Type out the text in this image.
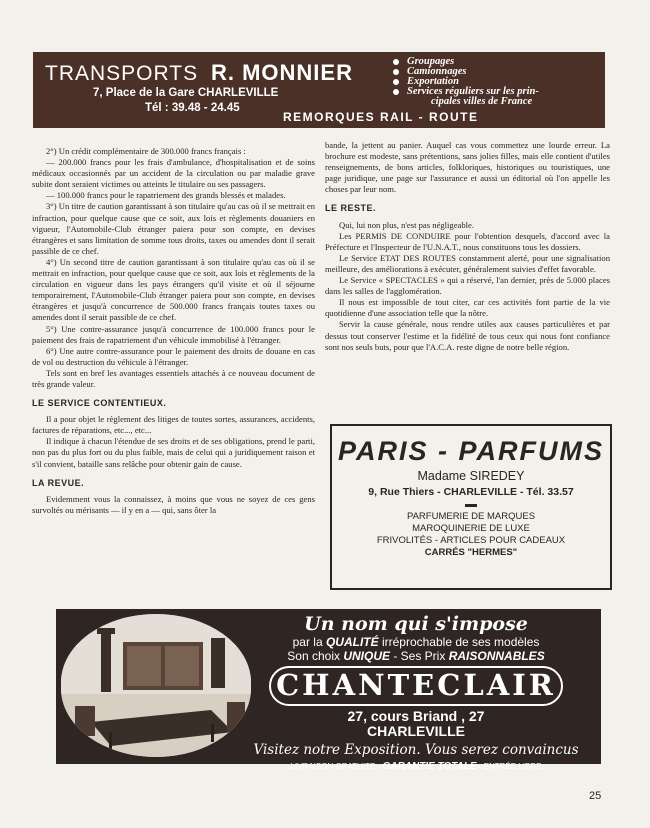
TRANSPORTS R. MONNIER
7, Place de la Gare CHARLEVILLE
Tél : 39.48 - 24.45
Groupages
Camionnages
Exportation
Services réguliers sur les prin-
cipales villes de France
REMORQUES RAIL - ROUTE

2°) Un crédit complémentaire de 300.000 francs français :

— 200.000 francs pour les frais d'ambulance, d'hospitalisation et de soins médicaux occasionnés par un accident de la circulation ou par maladie grave subite dont seraient victimes ou atteints le titulaire ou ses passagers.

— 100.000 francs pour le rapatriement des grands blessés et malades.

3°) Un titre de caution garantissant à son titulaire qu'au cas où il se mettrait en infraction, pour quelque cause que ce soit, aux lois et règlements douaniers en vigueur, l'Automobile-Club étranger paiera pour son compte, en devises étrangères et sans limitation de somme tous droits, taxes ou amendes dont il serait passible de ce chef.

4°) Un second titre de caution garantissant à son titulaire qu'au cas où il se mettrait en infraction, pour quelque cause que ce soit, aux lois et règlements de la circulation en vigueur dans les pays étrangers qu'il visite et où il séjourne temporairement, l'Automobile-Club étranger paiera pour son compte, en devises étrangères et jusqu'à concurrence de 500.000 francs français toutes taxes ou amendes dont il serait passible de ce chef.

5°) Une contre-assurance jusqu'à concurrence de 100.000 francs pour le paiement des frais de rapatriement d'un véhicule immobilisé à l'étranger.

6°) Une autre contre-assurance pour le paiement des droits de douane en cas de vol ou destruction du véhicule à l'étranger.

Tels sont en bref les avantages essentiels attachés à ce nouveau document de très grande valeur.

LE SERVICE CONTENTIEUX.

Il a pour objet le règlement des litiges de toutes sortes, assurances, accidents, factures de réparations, etc..., etc...

Il indique à chacun l'étendue de ses droits et de ses obligations, prend le parti, non pas du plus fort ou du plus faible, mais de celui qui a juridiquement raison et s'il convient, bataille sans relâche pour obtenir gain de cause.

LA REVUE.

Evidemment vous la connaissez, à moins que vous ne soyez de ces gens survoltés ou mérisants — il y en a — qui, sans ôter la

bande, la jettent au panier. Auquel cas vous commettez une lourde erreur. La brochure est modeste, sans prétentions, sans jolies filles, mais elle contient d'utiles renseignements, de bons articles, folkloriques, historiques ou touristiques, une page juridique, une page sur l'assurance et aussi un éditorial où l'on appelle les choses par leur nom.

LE RESTE.

Qui, lui non plus, n'est pas négligeable.

Les PERMIS DE CONDUIRE pour l'obtention desquels, d'accord avec la Préfecture et l'Inspecteur de l'U.N.A.T., nous constituons tous les dossiers.

Le Service ETAT DES ROUTES constamment alerté, pour une signalisation meilleure, des améliorations à exécuter, généralement suivies d'effet favorable.

Le Service « SPECTACLES » qui a réservé, l'an dernier, près de 5.000 places dans les salles de l'agglomération.

Il nous est impossible de tout citer, car ces activités font partie de la vie quotidienne d'une association telle que la nôtre.

Servir la cause générale, nous rendre utiles aux causes particulières et par dessus tout conserver l'estime et la fidélité de tous ceux qui nous font confiance sont nos seuls buts, pour que l'A.C.A. reste digne de notre belle région.

PARIS - PARFUMS
Madame SIREDEY
9, Rue Thiers - CHARLEVILLE - Tél. 33.57
PARFUMERIE DE MARQUES
MAROQUINERIE DE LUXE
FRIVOLITÉS - ARTICLES POUR CADEAUX
CARRÉS "HERMES"
Un nom qui s'impose
par la QUALITÉ irréprochable de ses modèles
Son choix UNIQUE - Ses Prix RAISONNABLES
CHANTECLAIR
27, cours Briand , 27
CHARLEVILLE
Visitez notre Exposition. Vous serez convaincus
LIVRAISON GRATUITE - GARANTIE TOTALE - ENTRÉE LIBRE
25
